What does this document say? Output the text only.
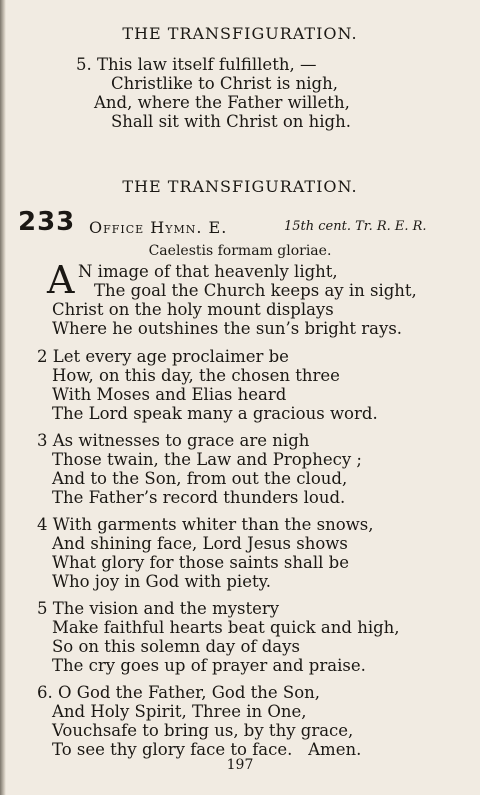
THE TRANSFIGURATION.
5. This law itself fulfilleth, —
Christlike to Christ is nigh,
And, where the Father willeth,
Shall sit with Christ on high.
THE TRANSFIGURATION.
233 Office Hymn. E.	15th cent. Tr. R. E. R.
Caelestis formam gloriae.
A N image of that heavenly light,
The goal the Church keeps ay in sight,
Christ on the holy mount displays
Where he outshines the sun’s bright rays.
2 Let every age proclaimer be
How, on this day, the chosen three
With Moses and Elias heard
The Lord speak many a gracious word.
3 As witnesses to grace are nigh
Those twain, the Law and Prophecy ;
And to the Son, from out the cloud,
The Father’s record thunders loud.
4 With garments whiter than the snows,
And shining face, Lord Jesus shows
What glory for those saints shall be
Who joy in God with piety.
5 The vision and the mystery
Make faithful hearts beat quick and high,
So on this solemn day of days
The cry goes up of prayer and praise.
6. O God the Father, God the Son,
And Holy Spirit, Three in One,
Vouchsafe to bring us, by thy grace,
To see thy glory face to face.   Amen.
197
